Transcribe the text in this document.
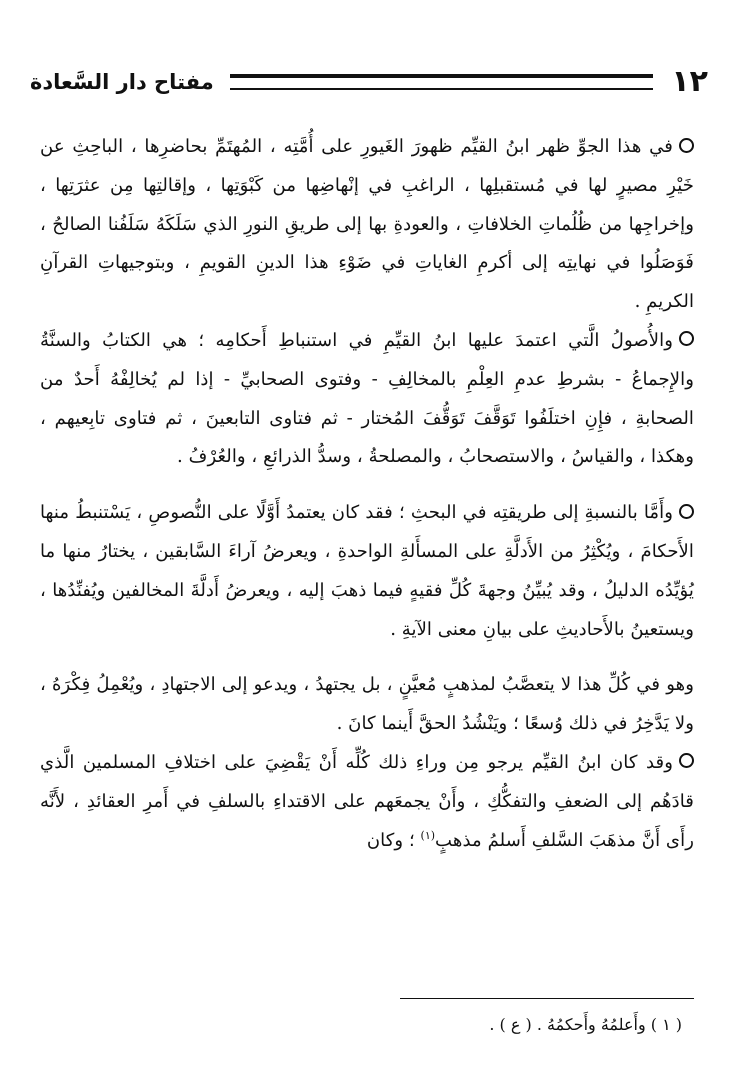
١٢
مفتاح دار السَّعادة

في هذا الجوِّ ظهر ابنُ القيِّم ظهورَ الغَيورِ على أُمَّتِه ، المُهتَمِّ بحاضرِها ، الباحِثِ عن خَيْرِ مصيرٍ لها في مُستقبلِها ، الراغبِ في إنْهاضِها من كَبْوَتِها ، وإقالتِها مِن عثرَتِها ، وإخراجِها من ظُلُماتِ الخلافاتِ ، والعودةِ بها إلى طريقِ النورِ الذي سَلَكَهُ سَلَفُنا الصالحُ ، فَوَصَلُوا في نهايتِه إلى أكرمِ الغاياتِ في ضَوْءِ هذا الدينِ القويمِ ، وبتوجيهاتِ القرآنِ الكريمِ .

والأُصولُ الَّتي اعتمدَ عليها ابنُ القيِّمِ في استنباطِ أَحكامِه ؛ هي الكتابُ والسنَّةُ والإِجماعُ - بشرطِ عدمِ العِلْمِ بالمخالِفِ - وفتوى الصحابيِّ - إذا لم يُخالِفْهُ أَحدٌ من الصحابةِ ، فإِنِ اختلَفُوا تَوَقَّفَ تَوَقُّفَ المُختار - ثم فتاوى التابعينَ ، ثم فتاوى تابِعيهم ، وهكذا ، والقياسُ ، والاستصحابُ ، والمصلحةُ ، وسدُّ الذرائعِ ، والعُرْفُ .

وأَمَّا بالنسبةِ إلى طريقتِه في البحثِ ؛ فقد كان يعتمدُ أَوَّلًا على النُّصوصِ ، يَسْتنبطُ منها الأَحكامَ ، ويُكْثِرُ من الأَدلَّةِ على المسأَلةِ الواحدةِ ، ويعرضُ آراءَ السَّابقين ، يختارُ منها ما يُؤيِّدُه الدليلُ ، وقد يُبيِّنُ وجهةَ كُلِّ فقيهٍ فيما ذهبَ إليه ، ويعرضُ أَدلَّةَ المخالفين ويُفنِّدُها ، ويستعينُ بالأَحاديثِ على بيانِ معنى الآيةِ .

وهو في كُلِّ هذا لا يتعصَّبُ لمذهبٍ مُعيَّنٍ ، بل يجتهدُ ، ويدعو إلى الاجتهادِ ، ويُعْمِلُ فِكْرَهُ ، ولا يَدَّخِرُ في ذلك وُسعًا ؛ ويَنْشُدُ الحقَّ أَينما كانَ .

وقد كان ابنُ القيِّم يرجو مِن وراءِ ذلك كُلِّه أَنْ يَقْضِيَ على اختلافِ المسلمين الَّذي قادَهُم إلى الضعفِ والتفكُّكِ ، وأَنْ يجمعَهم على الاقتداءِ بالسلفِ في أَمرِ العقائدِ ، لأَنَّه رأَى أَنَّ مذهَبَ السَّلفِ أَسلمُ مذهبٍ$^{(١)}$ ؛ وكان

( ١ ) وأَعلمُهُ وأَحكمُهُ . ( ع ) .
